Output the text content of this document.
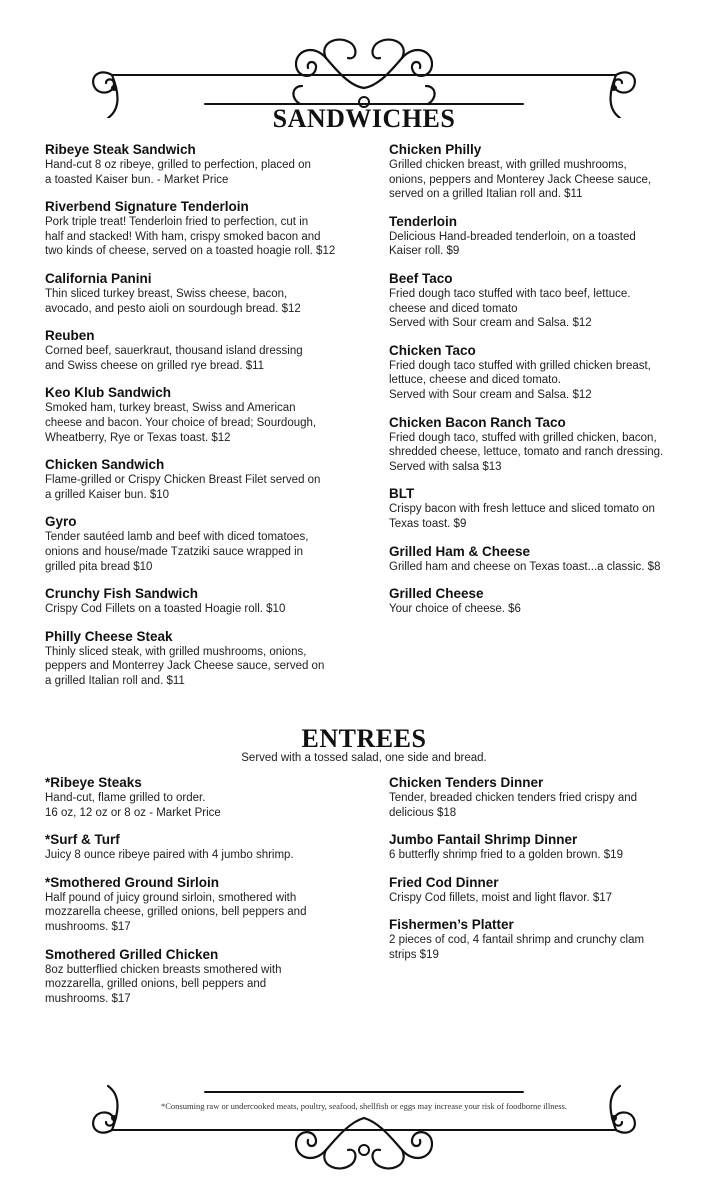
SANDWICHES
Ribeye Steak Sandwich
Hand-cut 8 oz ribeye, grilled to perfection, placed on
a toasted Kaiser bun. - Market Price
Riverbend Signature Tenderloin
Pork triple treat! Tenderloin fried to perfection, cut in
half and stacked! With ham, crispy smoked bacon and
two kinds of cheese, served on a toasted hoagie roll. $12
California Panini
Thin sliced turkey breast, Swiss cheese, bacon,
avocado, and pesto aioli on sourdough bread. $12
Reuben
Corned beef, sauerkraut, thousand island dressing
and Swiss cheese on grilled rye bread. $11
Keo Klub Sandwich
Smoked ham, turkey breast, Swiss and American
cheese and bacon. Your choice of bread; Sourdough,
Wheatberry, Rye or Texas toast. $12
Chicken Sandwich
Flame-grilled or Crispy Chicken Breast Filet served on
a grilled Kaiser bun. $10
Gyro
Tender sautéed lamb and beef with diced tomatoes,
onions and house/made Tzatziki sauce wrapped in
grilled pita bread $10
Crunchy Fish Sandwich
Crispy Cod Fillets on a toasted Hoagie roll. $10
Philly Cheese Steak
Thinly sliced steak, with grilled mushrooms, onions,
peppers and Monterrey Jack Cheese sauce, served on
a grilled Italian roll and. $11
Chicken Philly
Grilled chicken breast, with grilled mushrooms,
onions, peppers and Monterey Jack Cheese sauce,
served on a grilled Italian roll and. $11
Tenderloin
Delicious Hand-breaded tenderloin, on a toasted
Kaiser roll. $9
Beef Taco
Fried dough taco stuffed with taco beef, lettuce.
cheese and diced tomato
Served with Sour cream and Salsa. $12
Chicken Taco
Fried dough taco stuffed with grilled chicken breast,
lettuce, cheese and diced tomato.
Served with Sour cream and Salsa. $12
Chicken Bacon Ranch Taco
Fried dough taco, stuffed with grilled chicken, bacon,
shredded cheese, lettuce, tomato and ranch dressing.
Served with salsa $13
BLT
Crispy bacon with fresh lettuce and sliced tomato on
Texas toast. $9
Grilled Ham & Cheese
Grilled ham and cheese on Texas toast...a classic. $8
Grilled Cheese
Your choice of cheese. $6
ENTREES
Served with a tossed salad, one side and bread.
*Ribeye Steaks
Hand-cut, flame grilled to order.
16 oz, 12 oz or 8 oz - Market Price
*Surf & Turf
Juicy 8 ounce ribeye paired with 4 jumbo shrimp.
*Smothered Ground Sirloin
Half pound of juicy ground sirloin, smothered with
mozzarella cheese, grilled onions, bell peppers and
mushrooms. $17
Smothered Grilled Chicken
8oz butterflied chicken breasts smothered with
mozzarella, grilled onions, bell peppers and
mushrooms. $17
Chicken Tenders Dinner
Tender, breaded chicken tenders fried crispy and
delicious $18
Jumbo Fantail Shrimp Dinner
6 butterfly shrimp fried to a golden brown. $19
Fried Cod Dinner
Crispy Cod fillets, moist and light flavor. $17
Fishermen’s Platter
2 pieces of cod, 4 fantail shrimp and crunchy clam
strips $19
*Consuming raw or undercooked meats, poultry, seafood, shellfish or eggs may increase your risk of foodborne illness.
